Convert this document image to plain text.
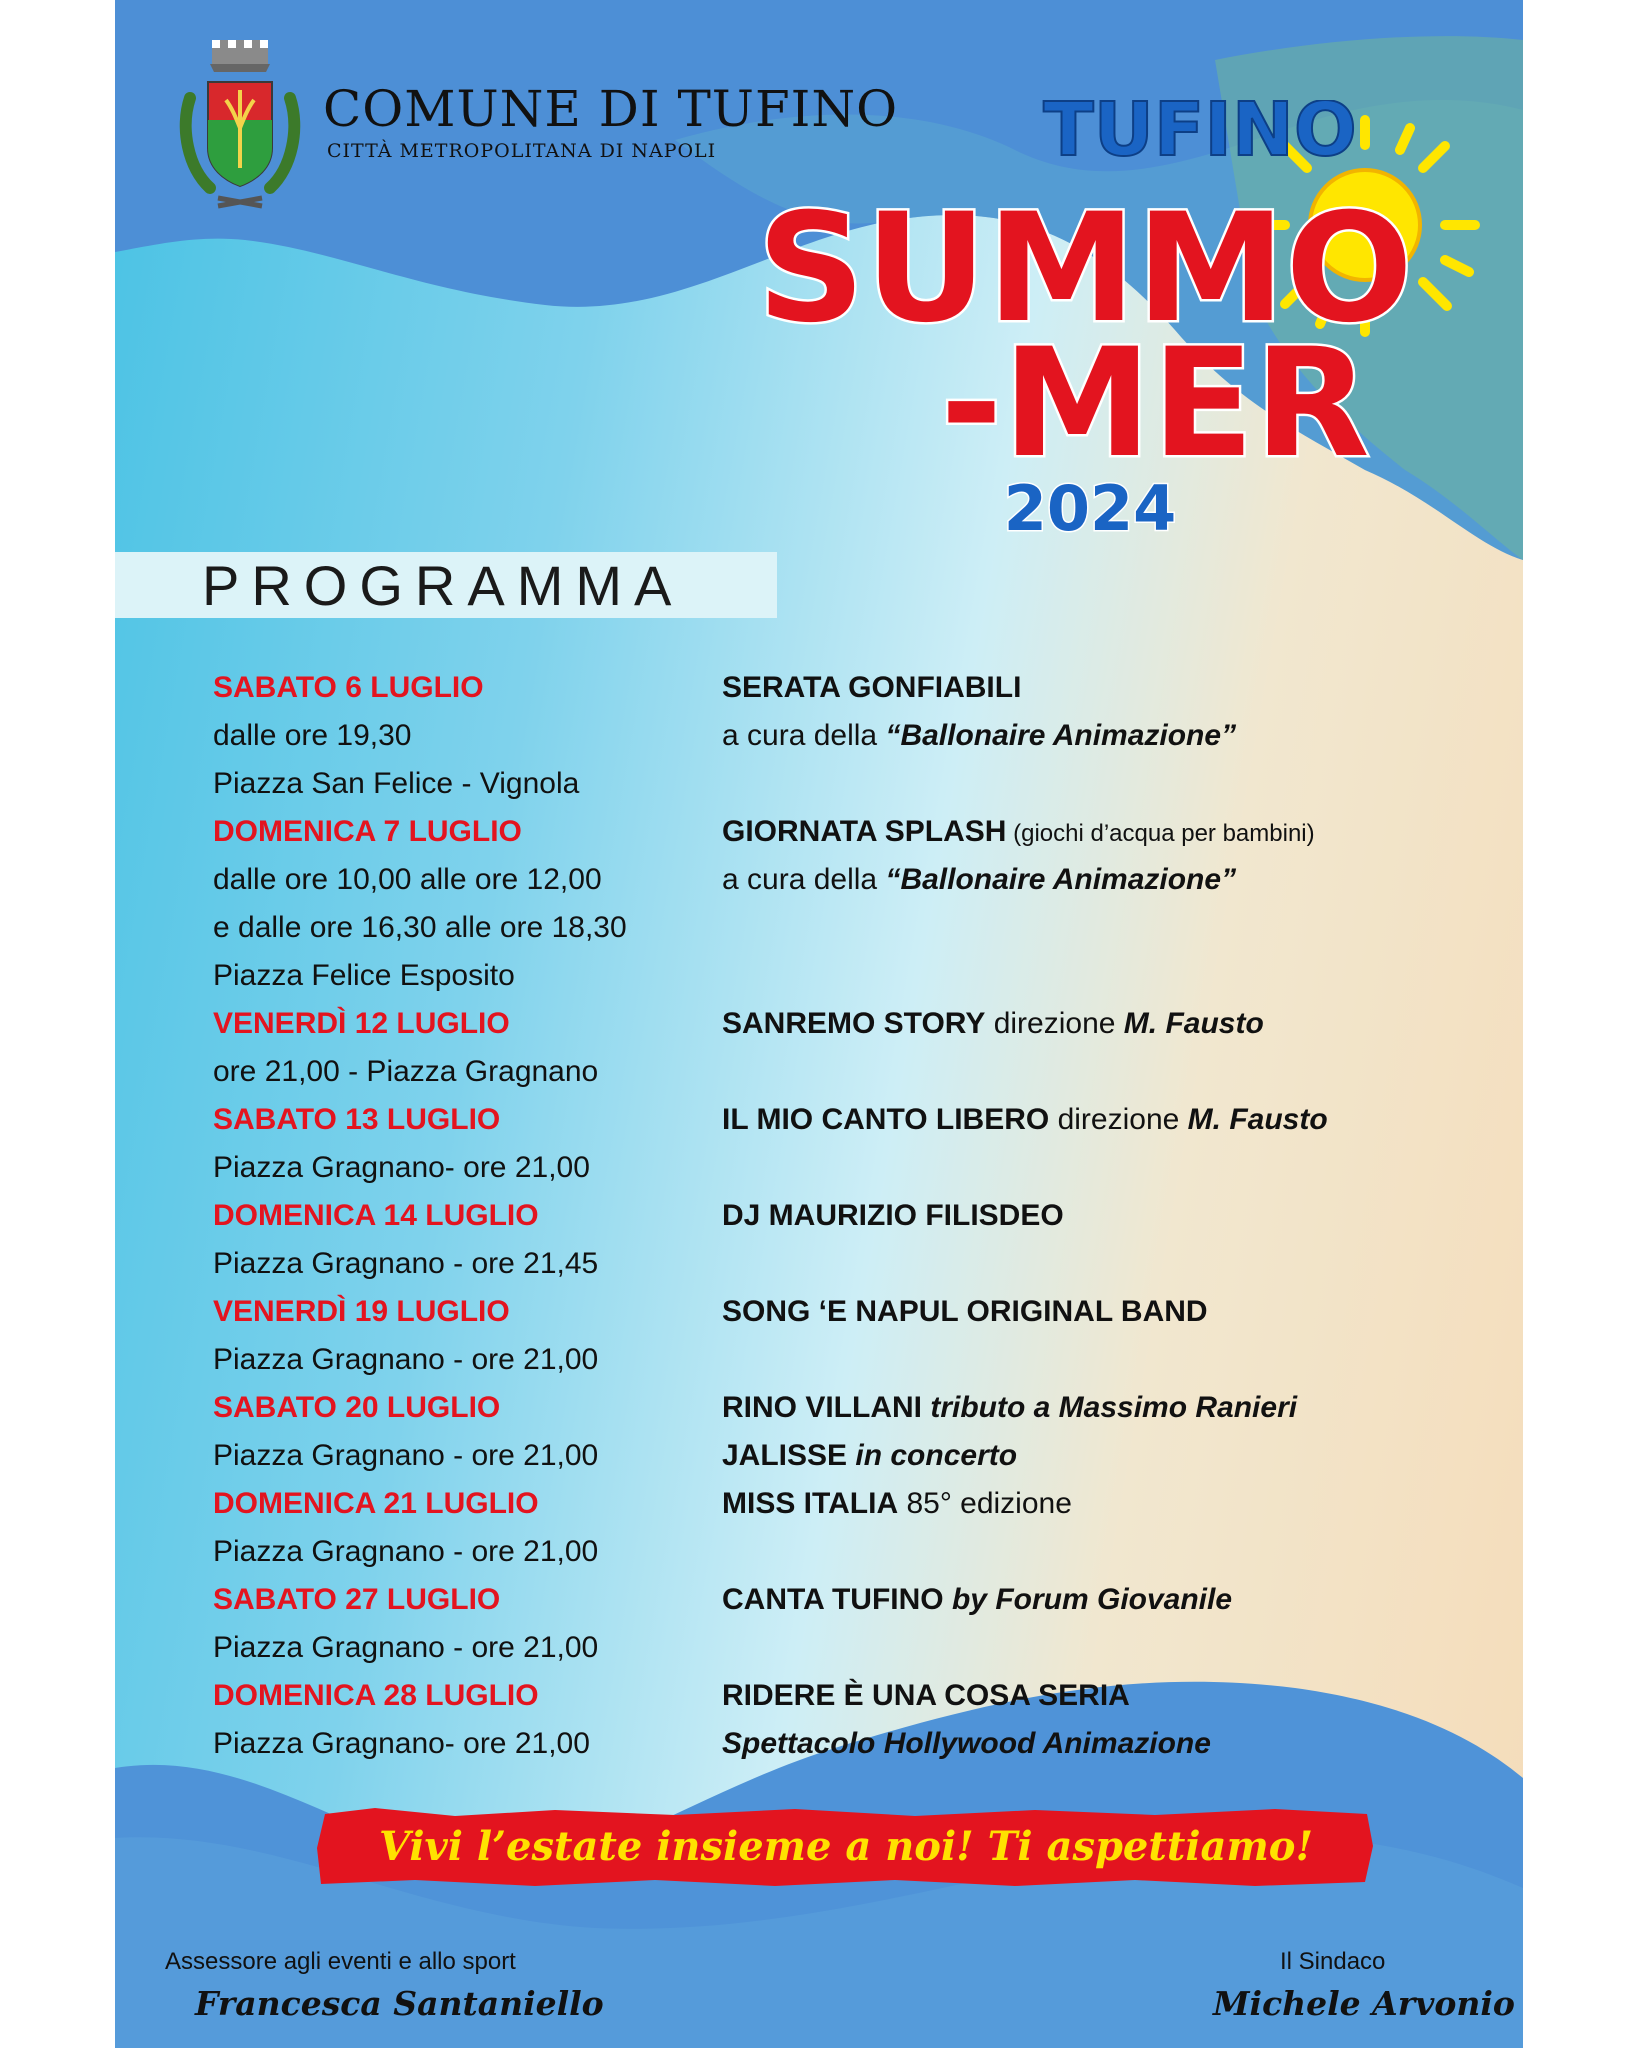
COMUNE DI TUFINO
CITTÀ METROPOLITANA DI NAPOLI	TUFINO
SUMMO
-MER
2024
PROGRAMMA
SABATO 6 LUGLIO
dalle ore 19,30
Piazza San Felice - Vignola
SERATA GONFIABILI
a cura della “Ballonaire Animazione”
DOMENICA 7 LUGLIO
dalle ore 10,00 alle ore 12,00
e dalle ore 16,30 alle ore 18,30
Piazza Felice Esposito
GIORNATA SPLASH (giochi d’acqua per bambini)
a cura della “Ballonaire Animazione”
VENERDÌ 12 LUGLIO
ore 21,00 - Piazza Gragnano
SANREMO STORY direzione M. Fausto
SABATO 13 LUGLIO
Piazza Gragnano- ore 21,00
IL MIO CANTO LIBERO direzione M. Fausto
DOMENICA 14 LUGLIO
Piazza Gragnano - ore 21,45
DJ MAURIZIO FILISDEO
VENERDÌ 19 LUGLIO
Piazza Gragnano - ore 21,00
SONG ‘E NAPUL ORIGINAL BAND
SABATO 20 LUGLIO
Piazza Gragnano - ore 21,00
RINO VILLANI tributo a Massimo Ranieri
JALISSE in concerto
DOMENICA 21 LUGLIO
Piazza Gragnano - ore 21,00
MISS ITALIA 85° edizione
SABATO 27 LUGLIO
Piazza Gragnano - ore 21,00
CANTA TUFINO by Forum Giovanile
DOMENICA 28 LUGLIO
Piazza Gragnano- ore 21,00
RIDERE È UNA COSA SERIA
Spettacolo Hollywood Animazione
Vivi l’estate insieme a noi! Ti aspettiamo!
Assessore agli eventi e allo sport
Francesca Santaniello
Il Sindaco
Michele Arvonio
